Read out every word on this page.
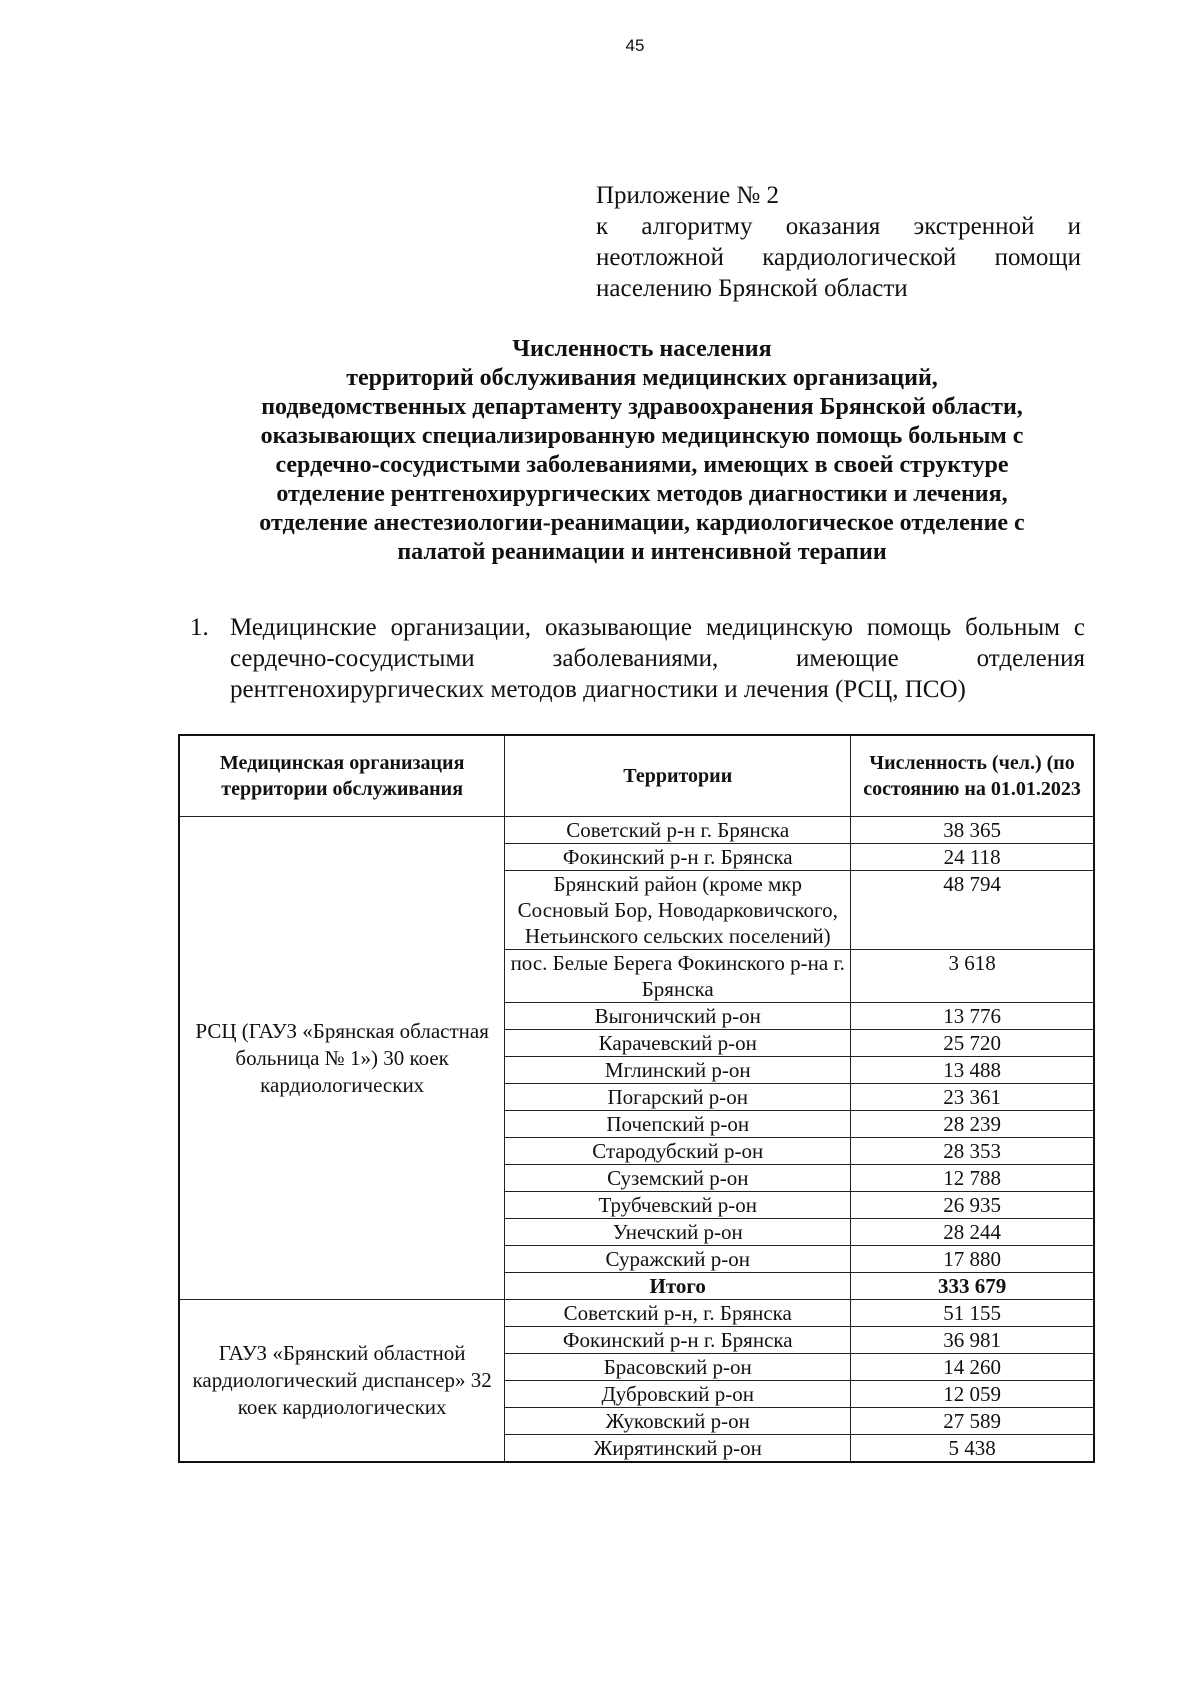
45
Приложение № 2
к алгоритму оказания экстренной и неотложной кардиологической помощи населению Брянской области
Численность населения
территорий обслуживания медицинских организаций,
подведомственных департаменту здравоохранения Брянской области,
оказывающих специализированную медицинскую помощь больным с
сердечно-сосудистыми заболеваниями, имеющих в своей структуре
отделение рентгенохирургических методов диагностики и лечения,
отделение анестезиологии-реанимации, кардиологическое отделение с
палатой реанимации и интенсивной терапии
1. Медицинские организации, оказывающие медицинскую помощь больным с сердечно-сосудистыми заболеваниями, имеющие отделения рентгенохирургических методов диагностики и лечения (РСЦ, ПСО)
Медицинская организация территории обслуживания	Территории	Численность (чел.) (по состоянию на 01.01.2023
РСЦ (ГАУЗ «Брянская областная больница № 1») 30 коек кардиологических	Советский р-н г. Брянска	38 365
	Фокинский р-н г. Брянска	24 118
	Брянский район (кроме мкр Сосновый Бор, Новодарковичского, Нетьинского сельских поселений)	48 794
	пос. Белые Берега Фокинского р-на г. Брянска	3 618
	Выгоничский р-он	13 776
	Карачевский р-он	25 720
	Мглинский р-он	13 488
	Погарский р-он	23 361
	Почепский р-он	28 239
	Стародубский р-он	28 353
	Суземский р-он	12 788
	Трубчевский р-он	26 935
	Унечский р-он	28 244
	Суражский р-он	17 880
	Итого	333 679
ГАУЗ «Брянский областной кардиологический диспансер» 32 коек кардиологических	Советский р-н, г. Брянска	51 155
	Фокинский р-н г. Брянска	36 981
	Брасовский р-он	14 260
	Дубровский р-он	12 059
	Жуковский р-он	27 589
	Жирятинский р-он	5 438
